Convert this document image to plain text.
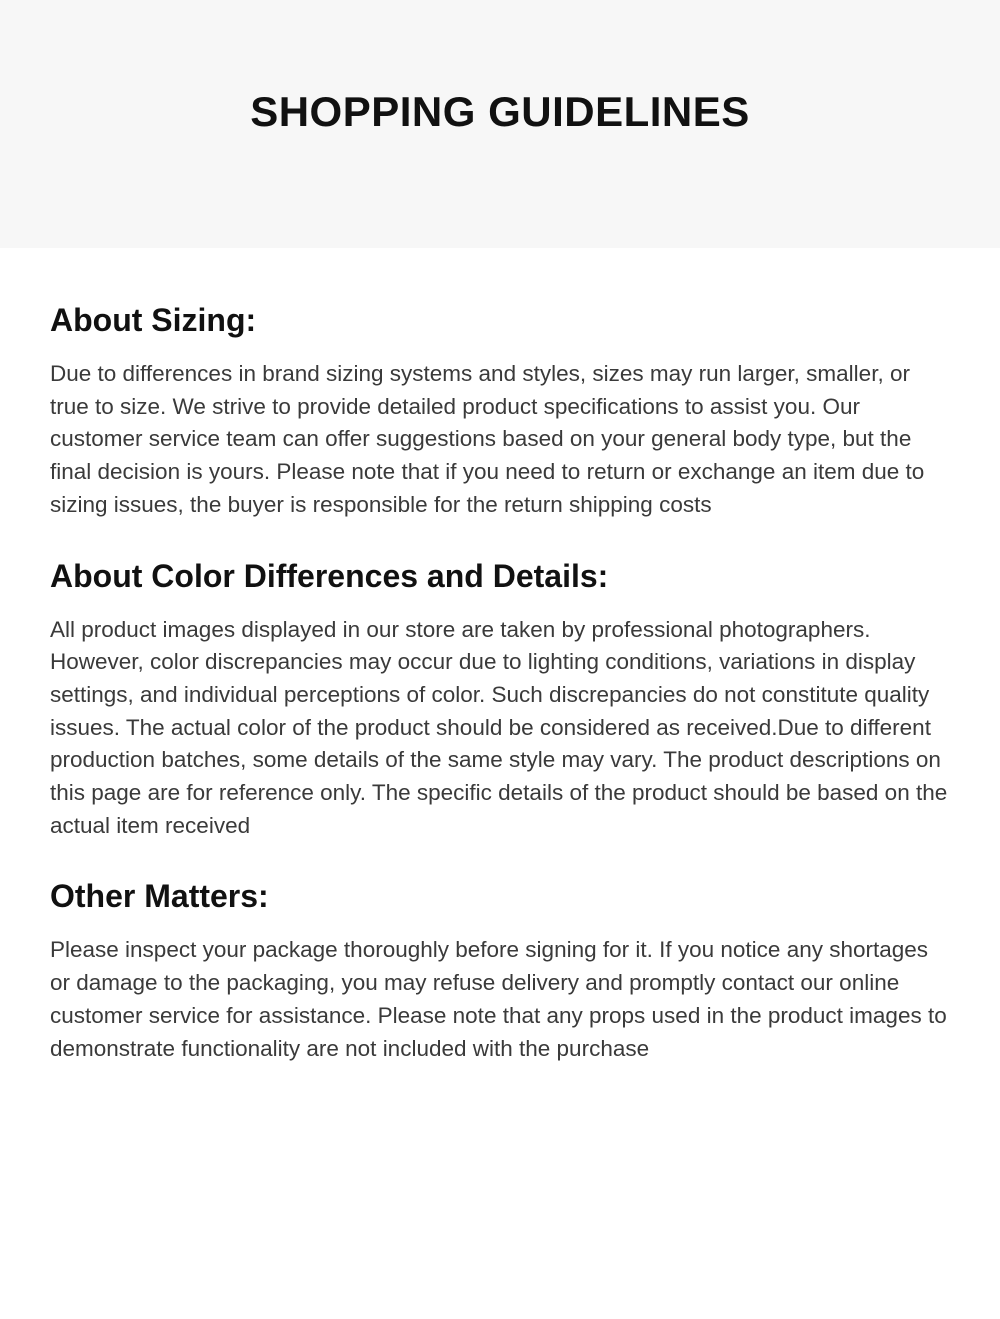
SHOPPING GUIDELINES
About Sizing:

Due to differences in brand sizing systems and styles, sizes may run larger, smaller, or true to size. We strive to provide detailed product specifications to assist you. Our customer service team can offer suggestions based on your general body type, but the final decision is yours. Please note that if you need to return or exchange an item due to sizing issues, the buyer is responsible for the return shipping costs

About Color Differences and Details:

All product images displayed in our store are taken by professional photographers. However, color discrepancies may occur due to lighting conditions, variations in display settings, and individual perceptions of color. Such discrepancies do not constitute quality issues. The actual color of the product should be considered as received.Due to different production batches, some details of the same style may vary. The product descriptions on this page are for reference only. The specific details of the product should be based on the actual item received

Other Matters:

Please inspect your package thoroughly before signing for it. If you notice any shortages or damage to the packaging, you may refuse delivery and promptly contact our online customer service for assistance. Please note that any props used in the product images to demonstrate functionality are not included with the purchase
